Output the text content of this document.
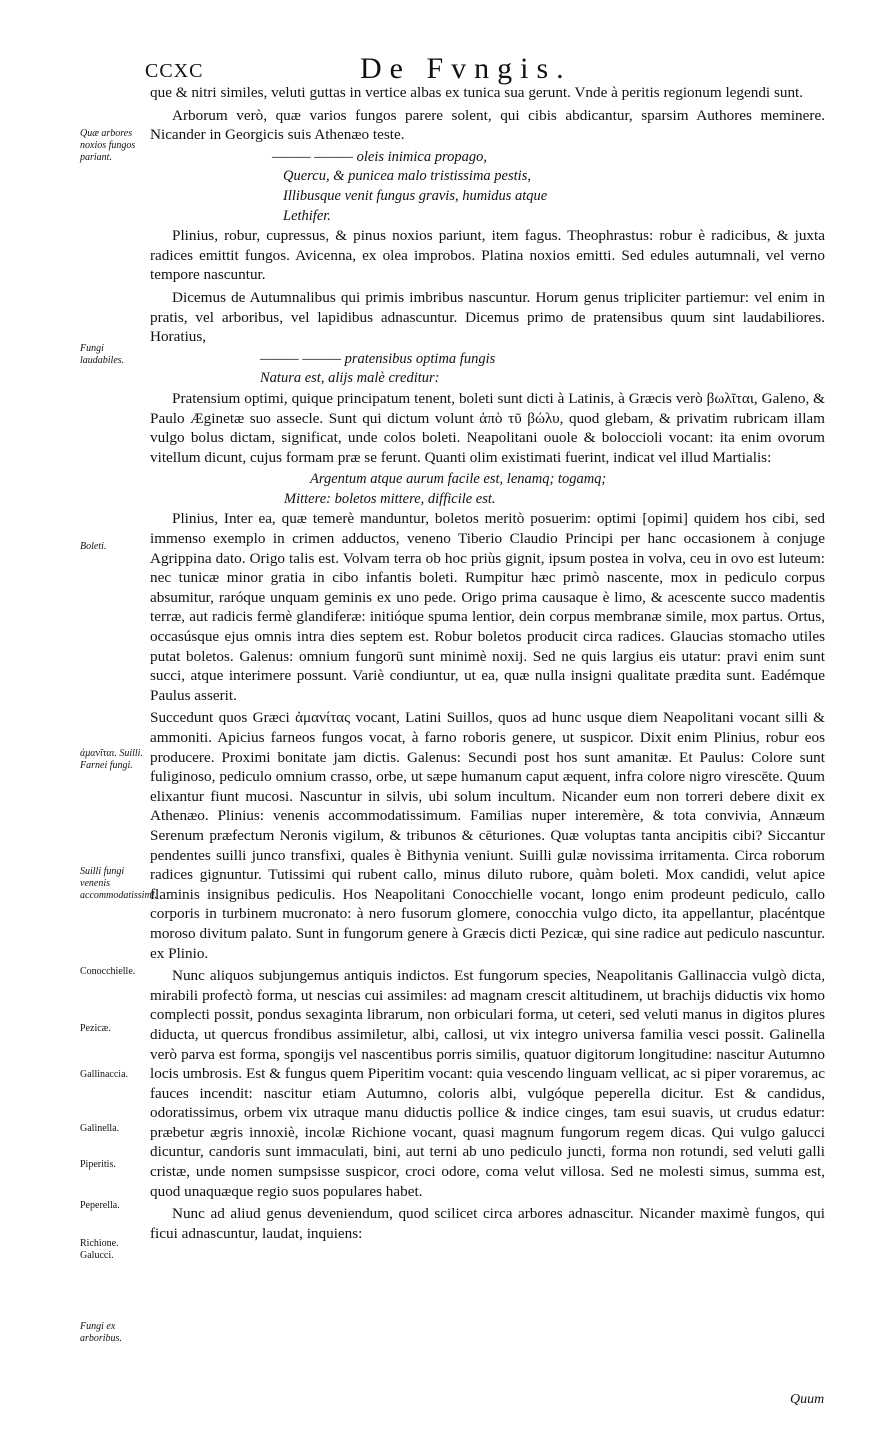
CCXC	De Fvngis.
Quæ arbores noxios fungos pariant.
Fungi laudabiles.
Boleti.
ἀμανῖται. Suilli. Farnei fungi.
Suilli fungi venenis accommodatissimi.
Conocchielle.
Pezicæ.
Gallinaccia.
Galinella.
Piperitis.
Peperella.
Richione. Galucci.
Fungi ex arboribus.
que & nitri similes, veluti guttas in vertice albas ex tunica sua gerunt. Vnde à peritis regionum legendi sunt.
Arborum verò, quæ varios fungos parere solent, qui cibis abdicantur, sparsim Authores meminere. Nicander in Georgicis suis Athenæo teste.
——— ——— oleis inimica propago,
Quercu, & punicea malo tristissima pestis,
Illibusque venit fungus gravis, humidus atque
Lethifer.
Plinius, robur, cupressus, & pinus noxios pariunt, item fagus. Theophrastus: robur è radicibus, & juxta radices emittit fungos. Avicenna, ex olea improbos. Platina noxios emitti. Sed edules autumnali, vel verno tempore nascuntur.
Dicemus de Autumnalibus qui primis imbribus nascuntur. Horum genus tripliciter partiemur: vel enim in pratis, vel arboribus, vel lapidibus adnascuntur. Dicemus primo de pratensibus quum sint laudabiliores. Horatius,
——— ——— pratensibus optima fungis
Natura est, alijs malè creditur:
Pratensium optimi, quique principatum tenent, boleti sunt dicti à Latinis, à Græcis verò βωλῖται, Galeno, & Paulo Æginetæ suo assecle. Sunt qui dictum volunt ἀπὸ τῦ βώλυ, quod glebam, & privatim rubricam illam vulgo bolus dictam, significat, unde colos boleti. Neapolitani ouole & boloccioli vocant: ita enim ovorum vitellum dicunt, cujus formam præ se ferunt. Quanti olim existimati fuerint, indicat vel illud Martialis:
Argentum atque aurum facile est, lenamq; togamq;
Mittere: boletos mittere, difficile est.
Plinius, Inter ea, quæ temerè manduntur, boletos meritò posuerim: optimi [opimi] quidem hos cibi, sed immenso exemplo in crimen adductos, veneno Tiberio Claudio Principi per hanc occasionem à conjuge Agrippina dato. Origo talis est. Volvam terra ob hoc priùs gignit, ipsum postea in volva, ceu in ovo est luteum: nec tunicæ minor gratia in cibo infantis boleti. Rumpitur hæc primò nascente, mox in pediculo corpus absumitur, raróque unquam geminis ex uno pede. Origo prima causaque è limo, & acescente succo madentis terræ, aut radicis fermè glandiferæ: initióque spuma lentior, dein corpus membranæ simile, mox partus. Ortus, occasúsque ejus omnis intra dies septem est. Robur boletos producit circa radices. Glaucias stomacho utiles putat boletos. Galenus: omnium fungorū sunt minimè noxij. Sed ne quis largius eis utatur: pravi enim sunt succi, atque interimere possunt. Variè condiuntur, ut ea, quæ nulla insigni qualitate prædita sunt. Eadémque Paulus asserit.
Succedunt quos Græci ἀμανίτας vocant, Latini Suillos, quos ad hunc usque diem Neapolitani vocant silli & ammoniti. Apicius farneos fungos vocat, à farno roboris genere, ut suspicor. Dixit enim Plinius, robur eos producere. Proximi bonitate jam dictis. Galenus: Secundi post hos sunt amanitæ. Et Paulus: Colore sunt fuliginoso, pediculo omnium crasso, orbe, ut sæpe humanum caput æquent, infra colore nigro virescēte. Quum elixantur fiunt mucosi. Nascuntur in silvis, ubi solum incultum. Nicander eum non torreri debere dixit ex Athenæo. Plinius: venenis accommodatissimum. Familias nuper interemère, & tota convivia, Annæum Serenum præfectum Neronis vigilum, & tribunos & cēturiones. Quæ voluptas tanta ancipitis cibi? Siccantur pendentes suilli junco transfixi, quales è Bithynia veniunt. Suilli gulæ novissima irritamenta. Circa roborum radices gignuntur. Tutissimi qui rubent callo, minus diluto rubore, quàm boleti. Mox candidi, velut apice flaminis insignibus pediculis. Hos Neapolitani Conocchielle vocant, longo enim prodeunt pediculo, callo corporis in turbinem mucronato: à nero fusorum glomere, conocchia vulgo dicto, ita appellantur, placéntque moroso divitum palato. Sunt in fungorum genere à Græcis dicti Pezicæ, qui sine radice aut pediculo nascuntur. ex Plinio.
Nunc aliquos subjungemus antiquis indictos. Est fungorum species, Neapolitanis Gallinaccia vulgò dicta, mirabili profectò forma, ut nescias cui assimiles: ad magnam crescit altitudinem, ut brachijs diductis vix homo complecti possit, pondus sexaginta librarum, non orbiculari forma, ut ceteri, sed veluti manus in digitos plures diducta, ut quercus frondibus assimiletur, albi, callosi, ut vix integro universa familia vesci possit. Galinella verò parva est forma, spongijs vel nascentibus porris similis, quatuor digitorum longitudine: nascitur Autumno locis umbrosis. Est & fungus quem Piperitim vocant: quia vescendo linguam vellicat, ac si piper voraremus, ac fauces incendit: nascitur etiam Autumno, coloris albi, vulgóque peperella dicitur. Est & candidus, odoratissimus, orbem vix utraque manu diductis pollice & indice cinges, tam esui suavis, ut crudus edatur: præbetur ægris innoxiè, incolæ Richione vocant, quasi magnum fungorum regem dicas. Qui vulgo galucci dicuntur, candoris sunt immaculati, bini, aut terni ab uno pediculo juncti, forma non rotundi, sed veluti galli cristæ, unde nomen sumpsisse suspicor, croci odore, coma velut villosa. Sed ne molesti simus, summa est, quod unaquæque regio suos populares habet.
Nunc ad aliud genus deveniendum, quod scilicet circa arbores adnascitur. Nicander maximè fungos, qui ficui adnascuntur, laudat, inquiens:
Quum
